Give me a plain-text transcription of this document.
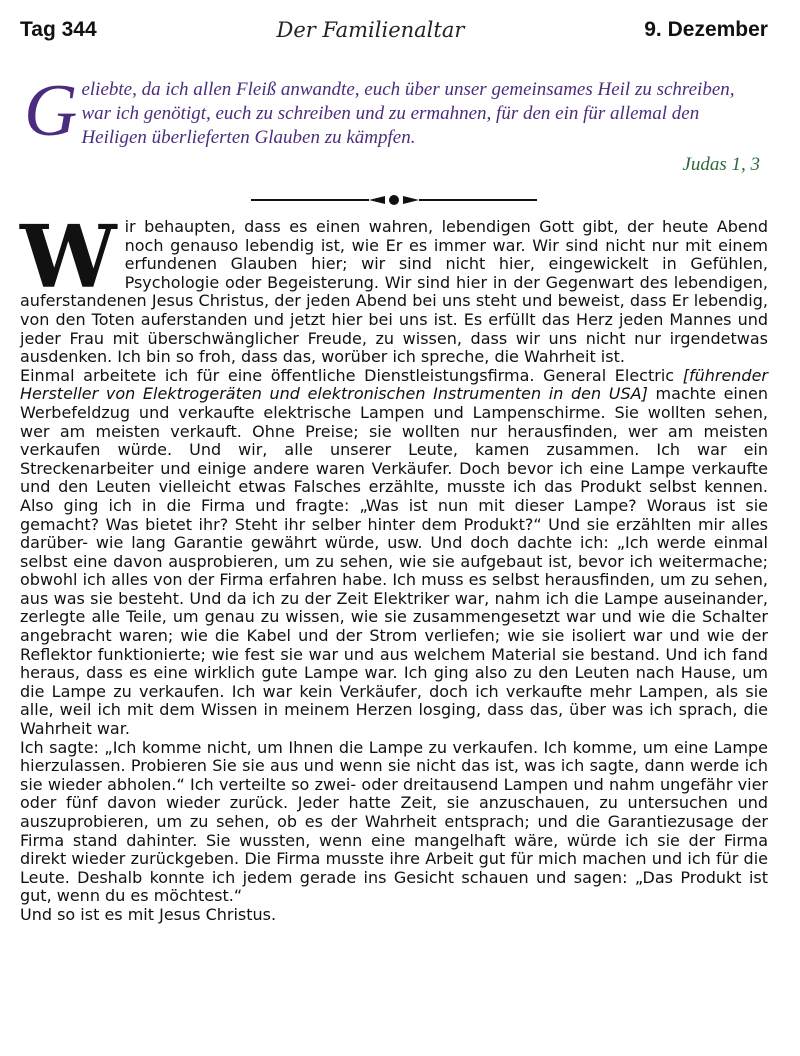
Tag 344	Der Familienaltar	9. Dezember
G eliebte, da ich allen Fleiß anwandte, euch über unser gemeinsames Heil zu schreiben, war ich genötigt, euch zu schreiben und zu ermahnen, für den ein für allemal den Heiligen überlieferten Glauben zu kämpfen.
Judas 1, 3

Wir behaupten, dass es einen wahren, lebendigen Gott gibt, der heute Abend noch genauso lebendig ist, wie Er es immer war. Wir sind nicht nur mit einem erfundenen Glauben hier; wir sind nicht hier, eingewickelt in Gefühlen, Psychologie oder Begeisterung. Wir sind hier in der Gegenwart des lebendigen, auferstandenen Jesus Christus, der jeden Abend bei uns steht und beweist, dass Er lebendig, von den Toten auferstanden und jetzt hier bei uns ist. Es erfüllt das Herz jeden Mannes und jeder Frau mit überschwänglicher Freude, zu wissen, dass wir uns nicht nur irgendetwas ausdenken. Ich bin so froh, dass das, worüber ich spreche, die Wahrheit ist.

Einmal arbeitete ich für eine öffentliche Dienstleistungsfirma. General Electric [führender Hersteller von Elektrogeräten und elektronischen Instrumenten in den USA] machte einen Werbefeldzug und verkaufte elektrische Lampen und Lampenschirme. Sie wollten sehen, wer am meisten verkauft. Ohne Preise; sie wollten nur herausfinden, wer am meisten verkaufen würde. Und wir, alle unserer Leute, kamen zusammen. Ich war ein Streckenarbeiter und einige andere waren Verkäufer. Doch bevor ich eine Lampe verkaufte und den Leuten vielleicht etwas Falsches erzählte, musste ich das Produkt selbst kennen. Also ging ich in die Firma und fragte: „Was ist nun mit dieser Lampe? Woraus ist sie gemacht? Was bietet ihr? Steht ihr selber hinter dem Produkt?“ Und sie erzählten mir alles darüber- wie lang Garantie gewährt würde, usw. Und doch dachte ich: „Ich werde einmal selbst eine davon ausprobieren, um zu sehen, wie sie aufgebaut ist, bevor ich weitermache; obwohl ich alles von der Firma erfahren habe. Ich muss es selbst herausfinden, um zu sehen, aus was sie besteht. Und da ich zu der Zeit Elektriker war, nahm ich die Lampe auseinander, zerlegte alle Teile, um genau zu wissen, wie sie zusammengesetzt war und wie die Schalter angebracht waren; wie die Kabel und der Strom verliefen; wie sie isoliert war und wie der Reflektor funktionierte; wie fest sie war und aus welchem Material sie bestand. Und ich fand heraus, dass es eine wirklich gute Lampe war. Ich ging also zu den Leuten nach Hause, um die Lampe zu verkaufen. Ich war kein Verkäufer, doch ich verkaufte mehr Lampen, als sie alle, weil ich mit dem Wissen in meinem Herzen losging, dass das, über was ich sprach, die Wahrheit war.

Ich sagte: „Ich komme nicht, um Ihnen die Lampe zu verkaufen. Ich komme, um eine Lampe hierzulassen. Probieren Sie sie aus und wenn sie nicht das ist, was ich sagte, dann werde ich sie wieder abholen.“ Ich verteilte so zwei- oder dreitausend Lampen und nahm ungefähr vier oder fünf davon wieder zurück. Jeder hatte Zeit, sie anzuschauen, zu untersuchen und auszuprobieren, um zu sehen, ob es der Wahrheit entsprach; und die Garantiezusage der Firma stand dahinter. Sie wussten, wenn eine mangelhaft wäre, würde ich sie der Firma direkt wieder zurückgeben. Die Firma musste ihre Arbeit gut für mich machen und ich für die Leute. Deshalb konnte ich jedem gerade ins Gesicht schauen und sagen: „Das Produkt ist gut, wenn du es möchtest.“

Und so ist es mit Jesus Christus.
